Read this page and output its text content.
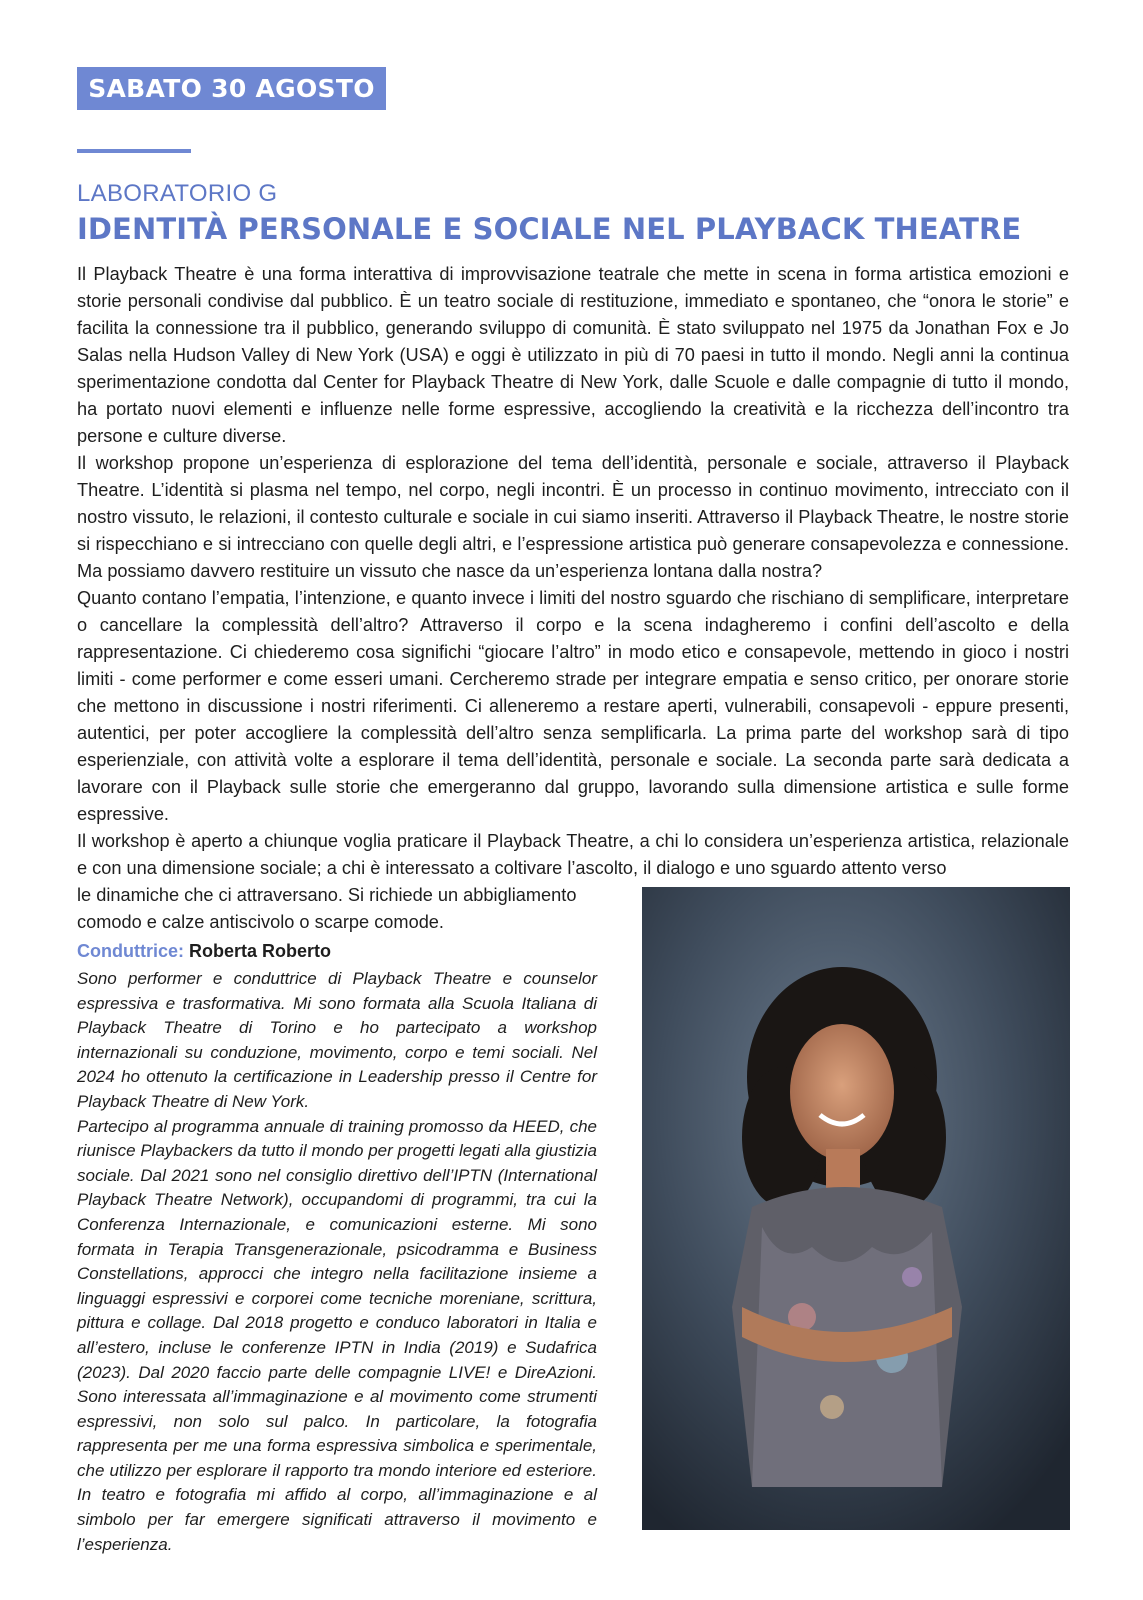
SABATO 30 AGOSTO
LABORATORIO G
IDENTITÀ PERSONALE E SOCIALE NEL PLAYBACK THEATRE

Il Playback Theatre è una forma interattiva di improvvisazione teatrale che mette in scena in forma artistica emozioni e storie personali condivise dal pubblico. È un teatro sociale di restituzione, immediato e spontaneo, che “onora le storie” e facilita la connessione tra il pubblico, generando sviluppo di comunità. È stato sviluppato nel 1975 da Jonathan Fox e Jo Salas nella Hudson Valley di New York (USA) e oggi è utilizzato in più di 70 paesi in tutto il mondo. Negli anni la continua sperimentazione condotta dal Center for Playback Theatre di New York, dalle Scuole e dalle compagnie di tutto il mondo, ha portato nuovi elementi e influenze nelle forme espressive, accogliendo la creatività e la ricchezza dell’incontro tra persone e culture diverse.

Il workshop propone un’esperienza di esplorazione del tema dell’identità, personale e sociale, attraverso il Playback Theatre. L’identità si plasma nel tempo, nel corpo, negli incontri. È un processo in continuo movimento, intrecciato con il nostro vissuto, le relazioni, il contesto culturale e sociale in cui siamo inseriti. Attraverso il Playback Theatre, le nostre storie si rispecchiano e si intrecciano con quelle degli altri, e l’espressione artistica può generare consapevolezza e connessione. Ma possiamo davvero restituire un vissuto che nasce da un’esperienza lontana dalla nostra?

Quanto contano l’empatia, l’intenzione, e quanto invece i limiti del nostro sguardo che rischiano di semplificare, interpretare o cancellare la complessità dell’altro? Attraverso il corpo e la scena indagheremo i confini dell’ascolto e della rappresentazione. Ci chiederemo cosa significhi “giocare l’altro” in modo etico e consapevole, mettendo in gioco i nostri limiti - come performer e come esseri umani. Cercheremo strade per integrare empatia e senso critico, per onorare storie che mettono in discussione i nostri riferimenti. Ci alleneremo a restare aperti, vulnerabili, consapevoli - eppure presenti, autentici, per poter accogliere la complessità dell’altro senza semplificarla. La prima parte del workshop sarà di tipo esperienziale, con attività volte a esplorare il tema dell’identità, personale e sociale. La seconda parte sarà dedicata a lavorare con il Playback sulle storie che emergeranno dal gruppo, lavorando sulla dimensione artistica e sulle forme espressive.

Il workshop è aperto a chiunque voglia praticare il Playback Theatre, a chi lo considera un’esperienza artistica, relazionale e con una dimensione sociale; a chi è interessato a coltivare l’ascolto, il dialogo e uno sguardo attento verso

le dinamiche che ci attraversano. Si richiede un abbigliamento comodo e calze antiscivolo o scarpe comode.

Conduttrice: Roberta Roberto

Sono performer e conduttrice di Playback Theatre e counselor espressiva e trasformativa. Mi sono formata alla Scuola Italiana di Playback Theatre di Torino e ho partecipato a workshop internazionali su conduzione, movimento, corpo e temi sociali. Nel 2024 ho ottenuto la certificazione in Leadership presso il Centre for Playback Theatre di New York.

Partecipo al programma annuale di training promosso da HEED, che riunisce Playbackers da tutto il mondo per progetti legati alla giustizia sociale. Dal 2021 sono nel consiglio direttivo dell’IPTN (International Playback Theatre Network), occupandomi di programmi, tra cui la Conferenza Internazionale, e comunicazioni esterne. Mi sono formata in Terapia Transgenerazionale, psicodramma e Business Constellations, approcci che integro nella facilitazione insieme a linguaggi espressivi e corporei come tecniche moreniane, scrittura, pittura e collage. Dal 2018 progetto e conduco laboratori in Italia e all’estero, incluse le conferenze IPTN in India (2019) e Sudafrica (2023). Dal 2020 faccio parte delle compagnie LIVE! e DireAzioni. Sono interessata all’immaginazione e al movimento come strumenti espressivi, non solo sul palco. In particolare, la fotografia rappresenta per me una forma espressiva simbolica e sperimentale, che utilizzo per esplorare il rapporto tra mondo interiore ed esteriore. In teatro e fotografia mi affido al corpo, all’immaginazione e al simbolo per far emergere significati attraverso il movimento e l’esperienza.
